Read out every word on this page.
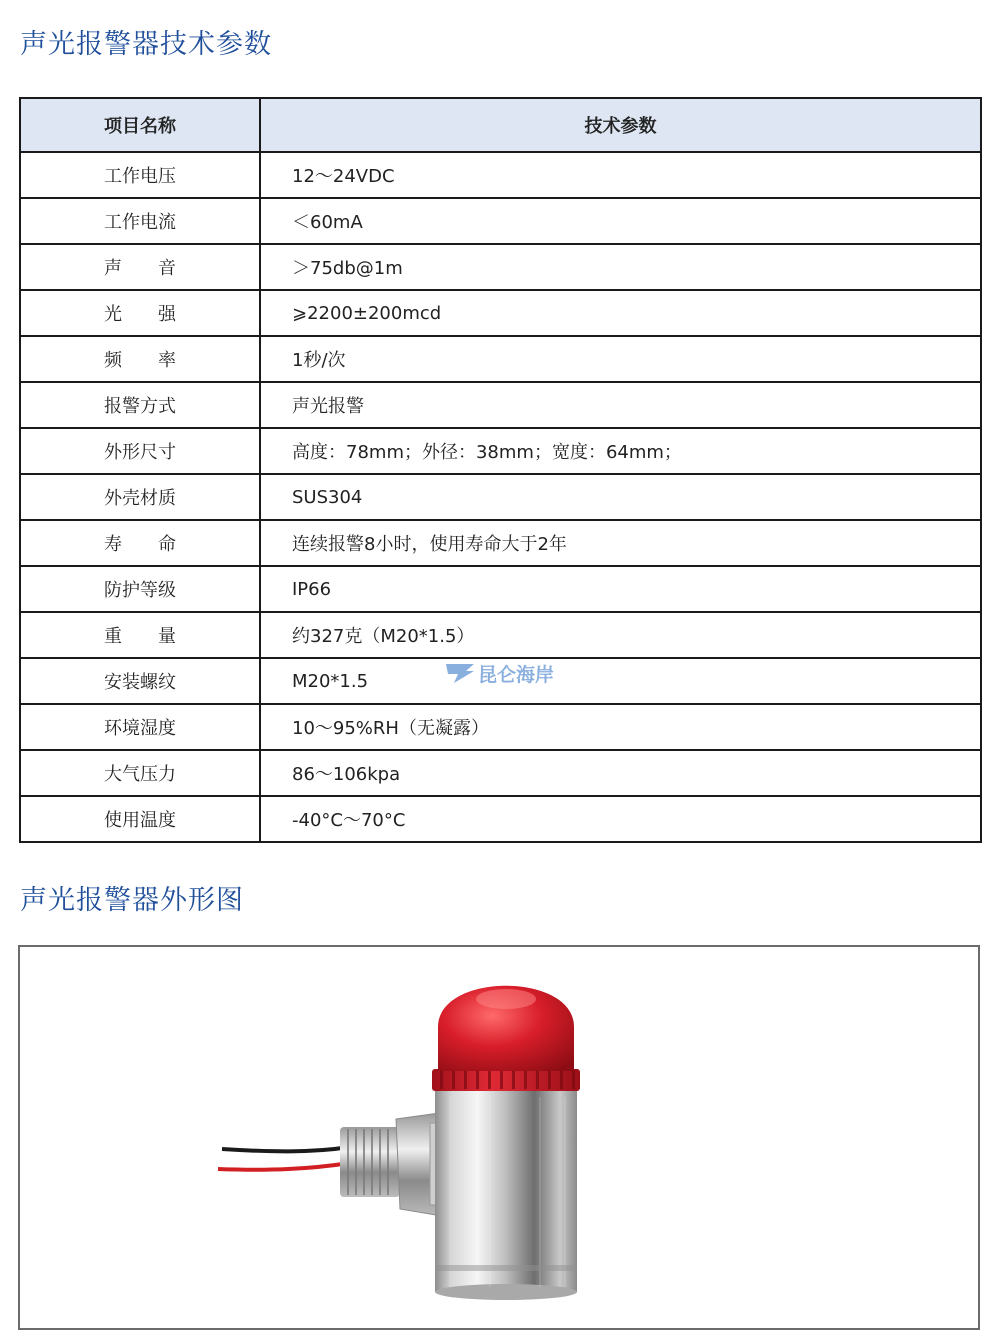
声光报警器技术参数
项目名称	技术参数
工作电压	12～24VDC
工作电流	＜60mA
声　　音	＞75db@1m
光　　强	⩾2200±200mcd
频　　率	1秒/次
报警方式	声光报警
外形尺寸	高度：78mm；外径：38mm；宽度：64mm；
外壳材质	SUS304
寿　　命	连续报警8小时，使用寿命大于2年
防护等级	IP66
重　　量	约327克（M20*1.5）
安装螺纹	M20*1.5
环境湿度	10～95%RH（无凝露）
大气压力	86～106kpa
使用温度	-40°C～70°C
昆仑海岸
声光报警器外形图
